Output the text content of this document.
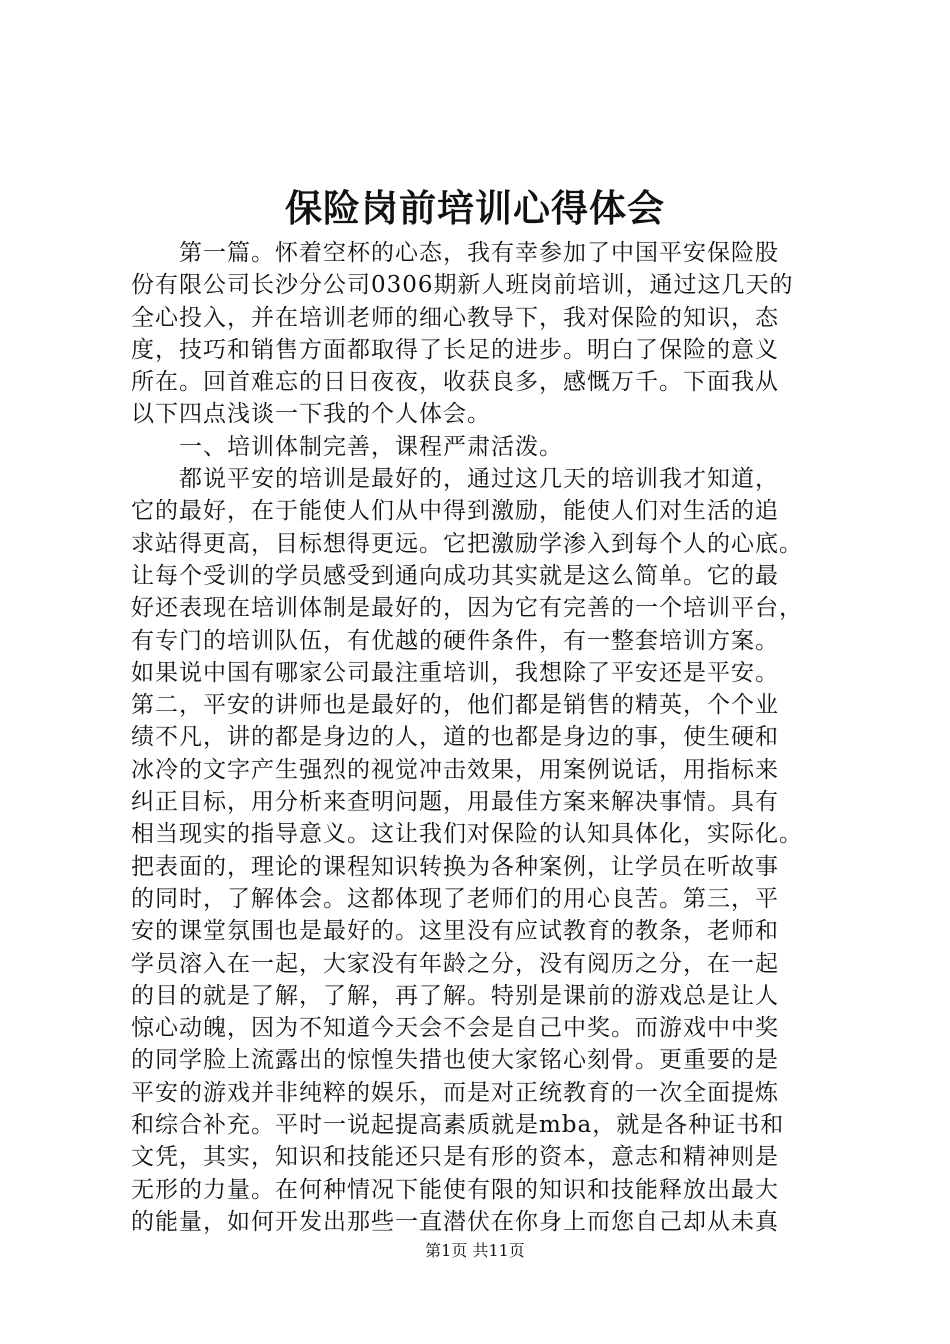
保险岗前培训心得体会
第一篇。怀着空杯的心态，我有幸参加了中国平安保险股
份有限公司长沙分公司0306期新人班岗前培训，通过这几天的
全心投入，并在培训老师的细心教导下，我对保险的知识，态
度，技巧和销售方面都取得了长足的进步。明白了保险的意义
所在。回首难忘的日日夜夜，收获良多，感慨万千。下面我从
以下四点浅谈一下我的个人体会。
一、培训体制完善，课程严肃活泼。
都说平安的培训是最好的，通过这几天的培训我才知道，
它的最好，在于能使人们从中得到激励，能使人们对生活的追
求站得更高，目标想得更远。它把激励学渗入到每个人的心底。
让每个受训的学员感受到通向成功其实就是这么简单。它的最
好还表现在培训体制是最好的，因为它有完善的一个培训平台，
有专门的培训队伍，有优越的硬件条件，有一整套培训方案。
如果说中国有哪家公司最注重培训，我想除了平安还是平安。
第二，平安的讲师也是最好的，他们都是销售的精英，个个业
绩不凡，讲的都是身边的人，道的也都是身边的事，使生硬和
冰冷的文字产生强烈的视觉冲击效果，用案例说话，用指标来
纠正目标，用分析来查明问题，用最佳方案来解决事情。具有
相当现实的指导意义。这让我们对保险的认知具体化，实际化。
把表面的，理论的课程知识转换为各种案例，让学员在听故事
的同时，了解体会。这都体现了老师们的用心良苦。第三，平
安的课堂氛围也是最好的。这里没有应试教育的教条，老师和
学员溶入在一起，大家没有年龄之分，没有阅历之分，在一起
的目的就是了解，了解，再了解。特别是课前的游戏总是让人
惊心动魄，因为不知道今天会不会是自己中奖。而游戏中中奖
的同学脸上流露出的惊惶失措也使大家铭心刻骨。更重要的是
平安的游戏并非纯粹的娱乐，而是对正统教育的一次全面提炼
和综合补充。平时一说起提高素质就是mba，就是各种证书和
文凭，其实，知识和技能还只是有形的资本，意志和精神则是
无形的力量。在何种情况下能使有限的知识和技能释放出最大
的能量，如何开发出那些一直潜伏在你身上而您自己却从未真
第1页 共11页
